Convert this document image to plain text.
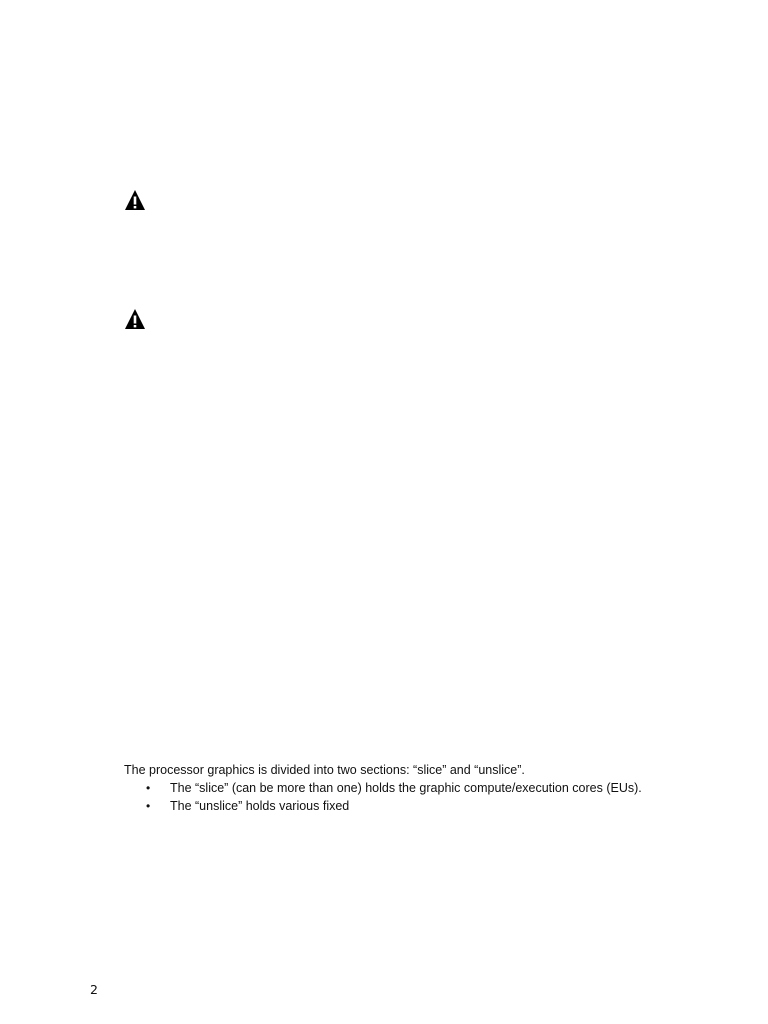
The processor graphics is divided into two sections: “slice” and “unslice”.

• The “slice” (can be more than one) holds the graphic compute/execution cores (EUs).
• The “unslice” holds various fixed
2
